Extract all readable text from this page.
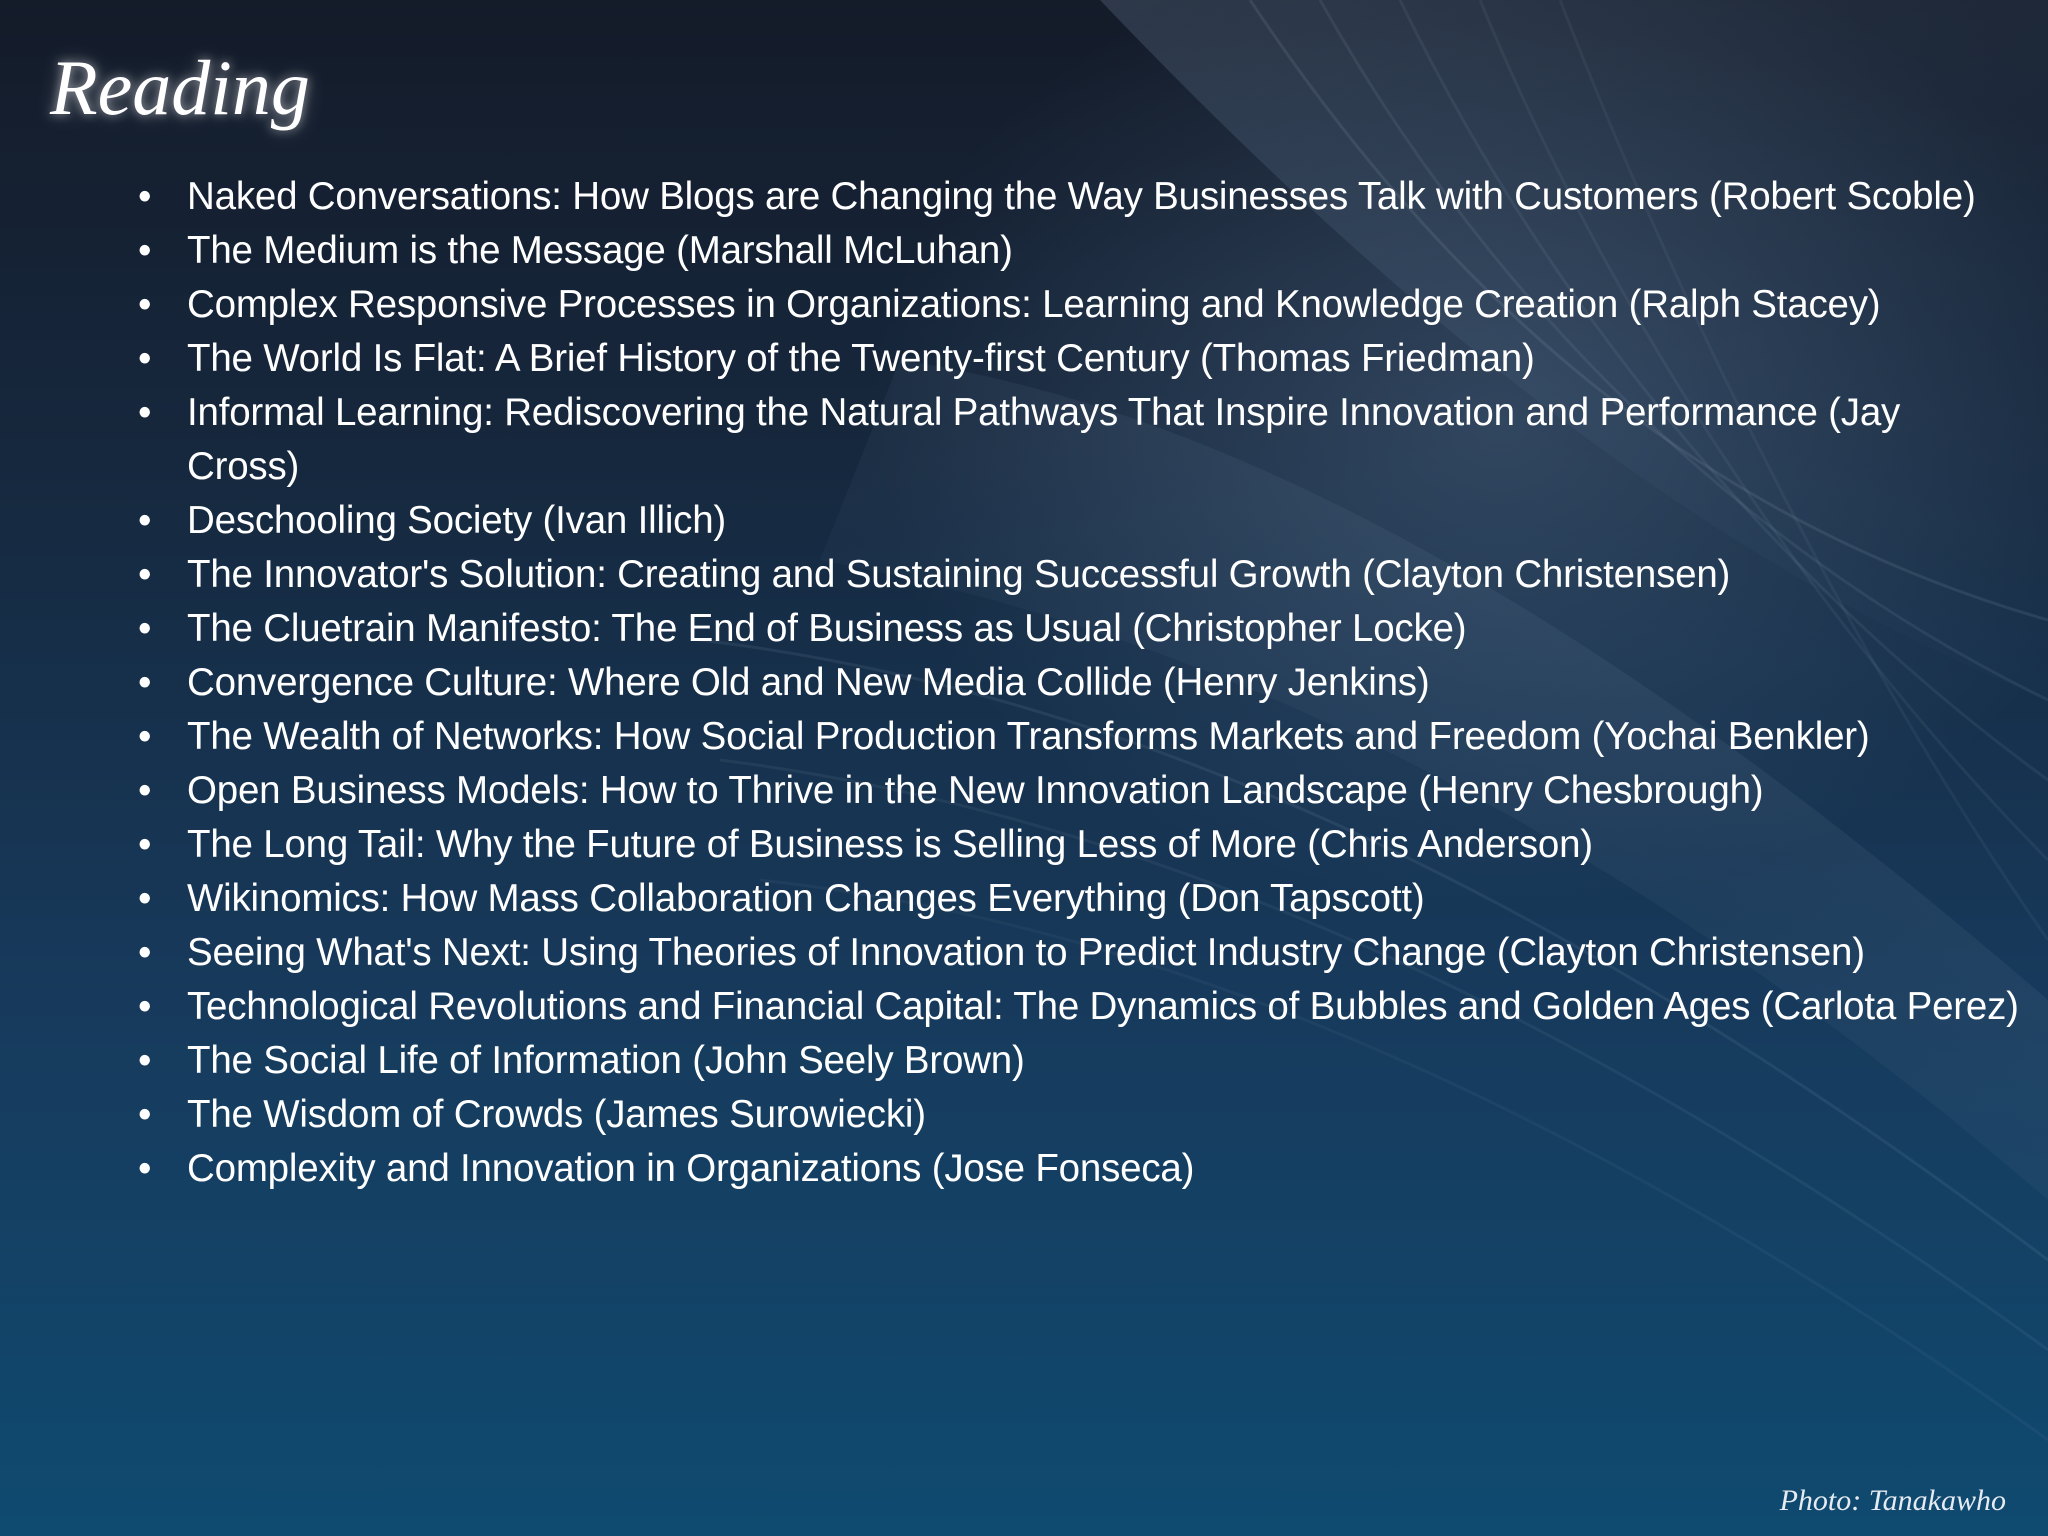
Reading
• Naked Conversations: How Blogs are Changing the Way Businesses Talk with Customers (Robert Scoble)
• The Medium is the Message (Marshall McLuhan)
• Complex Responsive Processes in Organizations: Learning and Knowledge Creation (Ralph Stacey)
• The World Is Flat: A Brief History of the Twenty-first Century (Thomas Friedman)
• Informal Learning: Rediscovering the Natural Pathways That Inspire Innovation and Performance (Jay Cross)
• Deschooling Society (Ivan Illich)
• The Innovator's Solution: Creating and Sustaining Successful Growth (Clayton Christensen)
• The Cluetrain Manifesto: The End of Business as Usual (Christopher Locke)
• Convergence Culture: Where Old and New Media Collide (Henry Jenkins)
• The Wealth of Networks: How Social Production Transforms Markets and Freedom (Yochai Benkler)
• Open Business Models: How to Thrive in the New Innovation Landscape (Henry Chesbrough)
• The Long Tail: Why the Future of Business is Selling Less of More (Chris Anderson)
• Wikinomics: How Mass Collaboration Changes Everything (Don Tapscott)
• Seeing What's Next: Using Theories of Innovation to Predict Industry Change (Clayton Christensen)
• Technological Revolutions and Financial Capital: The Dynamics of Bubbles and Golden Ages (Carlota Perez)
• The Social Life of Information (John Seely Brown)
• The Wisdom of Crowds (James Surowiecki)
• Complexity and Innovation in Organizations (Jose Fonseca)
Photo: Tanakawho
